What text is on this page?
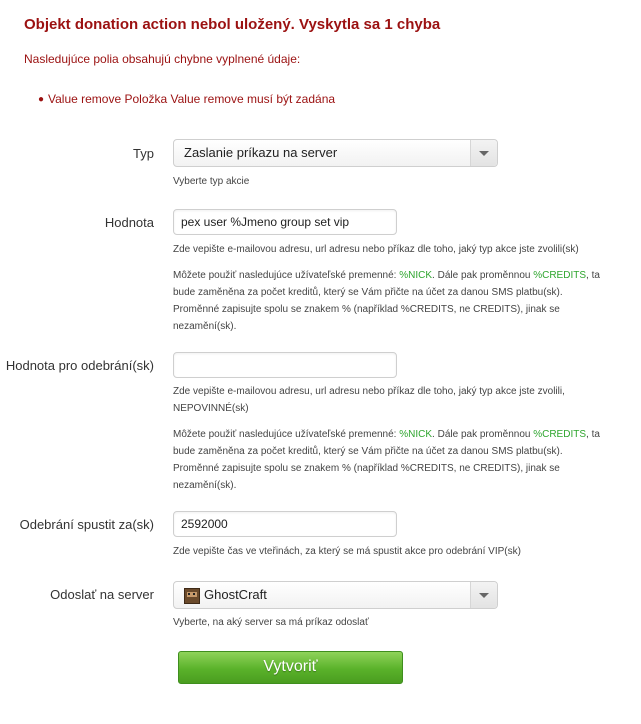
Objekt donation action nebol uložený. Vyskytla sa 1 chyba
Nasledujúce polia obsahujú chybne vyplnené údaje:
● Value remove Položka Value remove musí být zadána
Typ Zaslanie príkazu na server
Vyberte typ akcie
Hodnota	pex user %Jmeno group set vip
Zde vepište e-mailovou adresu, url adresu nebo příkaz dle toho, jaký typ akce jste zvolili(sk)
Môžete použiť nasledujúce užívateľské premenné: %NICK. Dále pak proměnnou %CREDITS, ta
bude zaměněna za počet kreditů, který se Vám přičte na účet za danou SMS platbu(sk).
Proměnné zapisujte spolu se znakem % (například %CREDITS, ne CREDITS), jinak se
nezamění(sk).
Hodnota pro odebrání(sk)
Zde vepište e-mailovou adresu, url adresu nebo příkaz dle toho, jaký typ akce jste zvolili,
NEPOVINNÉ(sk)
Môžete použiť nasledujúce užívateľské premenné: %NICK. Dále pak proměnnou %CREDITS, ta
bude zaměněna za počet kreditů, který se Vám přičte na účet za danou SMS platbu(sk).
Proměnné zapisujte spolu se znakem % (například %CREDITS, ne CREDITS), jinak se
nezamění(sk).
Odebrání spustit za(sk)	2592000
Zde vepište čas ve vteřinách, za který se má spustit akce pro odebrání VIP(sk)
Odoslať na server	GhostCraft
Vyberte, na aký server sa má príkaz odoslať
Vytvoriť
